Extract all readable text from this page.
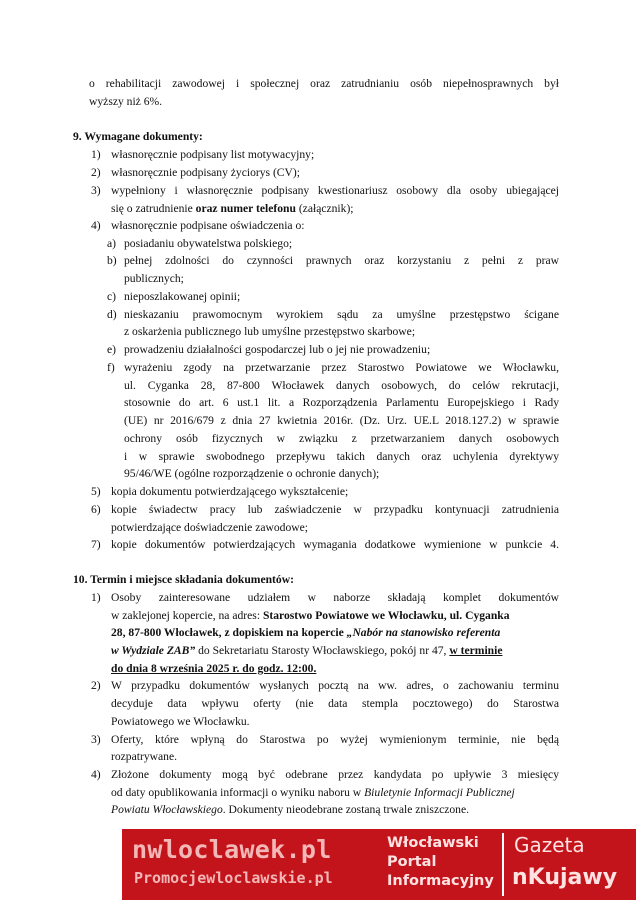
o rehabilitacji zawodowej i społecznej oraz zatrudnianiu osób niepełnosprawnych był
wyższy niż 6%.
9. Wymagane dokumenty:
1) własnoręcznie podpisany list motywacyjny;
2) własnoręcznie podpisany życiorys (CV);
3) wypełniony i własnoręcznie podpisany kwestionariusz osobowy dla osoby ubiegającej
się o zatrudnienie oraz numer telefonu (załącznik);
4) własnoręcznie podpisane oświadczenia o:
a) posiadaniu obywatelstwa polskiego;
b) pełnej zdolności do czynności prawnych oraz korzystaniu z pełni z praw
publicznych;
c) nieposzlakowanej opinii;
d) nieskazaniu prawomocnym wyrokiem sądu za umyślne przestępstwo ścigane
z oskarżenia publicznego lub umyślne przestępstwo skarbowe;
e) prowadzeniu działalności gospodarczej lub o jej nie prowadzeniu;
f) wyrażeniu zgody na przetwarzanie przez Starostwo Powiatowe we Włocławku,
ul. Cyganka 28, 87-800 Włocławek danych osobowych, do celów rekrutacji,
stosownie do art. 6 ust.1 lit. a Rozporządzenia Parlamentu Europejskiego i Rady
(UE) nr 2016/679 z dnia 27 kwietnia 2016r. (Dz. Urz. UE.L 2018.127.2) w sprawie
ochrony osób fizycznych w związku z przetwarzaniem danych osobowych
i w sprawie swobodnego przepływu takich danych oraz uchylenia dyrektywy
95/46/WE (ogólne rozporządzenie o ochronie danych);
5) kopia dokumentu potwierdzającego wykształcenie;
6) kopie świadectw pracy lub zaświadczenie w przypadku kontynuacji zatrudnienia
potwierdzające doświadczenie zawodowe;
7) kopie dokumentów potwierdzających wymagania dodatkowe wymienione w punkcie 4.
10. Termin i miejsce składania dokumentów:
1) Osoby zainteresowane udziałem w naborze składają komplet dokumentów
w zaklejonej kopercie, na adres: Starostwo Powiatowe we Włocławku, ul. Cyganka
28, 87-800 Włocławek, z dopiskiem na kopercie „Nabór na stanowisko referenta
w Wydziale ZAB” do Sekretariatu Starosty Włocławskiego, pokój nr 47, w terminie
do dnia 8 września 2025 r. do godz. 12:00.
2) W przypadku dokumentów wysłanych pocztą na ww. adres, o zachowaniu terminu
decyduje data wpływu oferty (nie data stempla pocztowego) do Starostwa
Powiatowego we Włocławku.
3) Oferty, które wpłyną do Starostwa po wyżej wymienionym terminie, nie będą
rozpatrywane.
4) Złożone dokumenty mogą być odebrane przez kandydata po upływie 3 miesięcy
od daty opublikowania informacji o wyniku naboru w Biuletynie Informacji Publicznej
Powiatu Włocławskiego. Dokumenty nieodebrane zostaną trwale zniszczone.
nwloclawek.pl
Promocjewloclawskie.pl
Włocławski
Portal
Informacyjny
Gazeta
nKujawy
